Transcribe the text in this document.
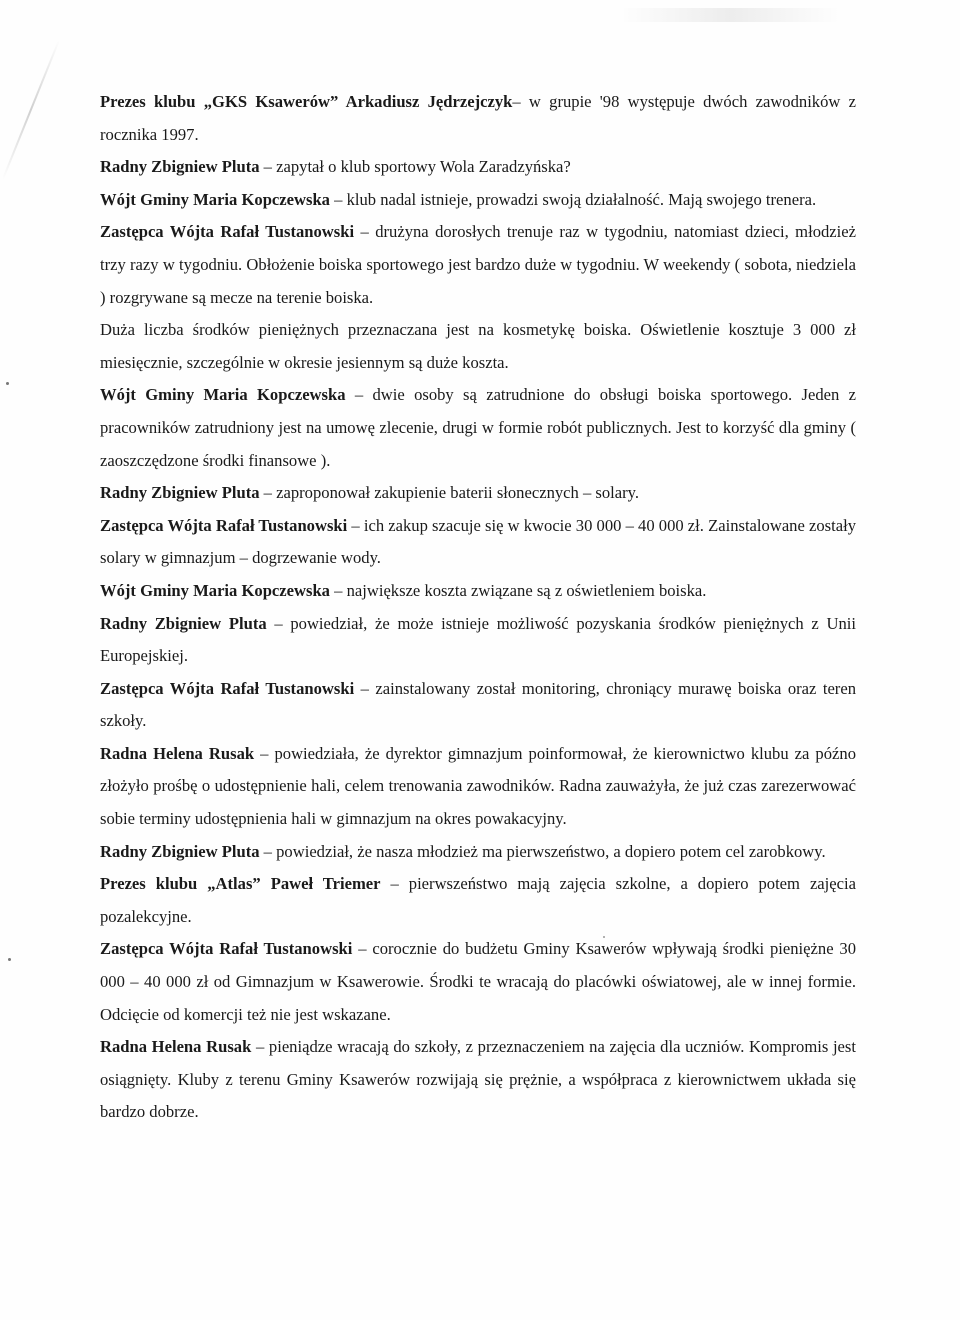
Prezes klubu „GKS Ksawerów” Arkadiusz Jędrzejczyk– w grupie '98 występuje dwóch zawodników z rocznika 1997.

Radny Zbigniew Pluta – zapytał o klub sportowy Wola Zaradzyńska?

Wójt Gminy Maria Kopczewska – klub nadal istnieje, prowadzi swoją działalność. Mają swojego trenera.

Zastępca Wójta Rafał Tustanowski – drużyna dorosłych trenuje raz w tygodniu, natomiast dzieci, młodzież trzy razy w tygodniu. Obłożenie boiska sportowego jest bardzo duże w tygodniu. W weekendy ( sobota, niedziela ) rozgrywane są mecze na terenie boiska.

Duża liczba środków pieniężnych przeznaczana jest na kosmetykę boiska. Oświetlenie kosztuje 3 000 zł miesięcznie, szczególnie w okresie jesiennym są duże koszta.

Wójt Gminy Maria Kopczewska – dwie osoby są zatrudnione do obsługi boiska sportowego. Jeden z pracowników zatrudniony jest na umowę zlecenie, drugi w formie robót publicznych. Jest to korzyść dla gminy ( zaoszczędzone środki finansowe ).

Radny Zbigniew Pluta – zaproponował zakupienie baterii słonecznych – solary.

Zastępca Wójta Rafał Tustanowski – ich zakup szacuje się w kwocie 30 000 – 40 000 zł. Zainstalowane zostały solary w gimnazjum – dogrzewanie wody.

Wójt Gminy Maria Kopczewska – największe koszta związane są z oświetleniem boiska.

Radny Zbigniew Pluta – powiedział, że może istnieje możliwość pozyskania środków pieniężnych z Unii Europejskiej.

Zastępca Wójta Rafał Tustanowski – zainstalowany został monitoring, chroniący murawę boiska oraz teren szkoły.

Radna Helena Rusak – powiedziała, że dyrektor gimnazjum poinformował, że kierownictwo klubu za późno złożyło prośbę o udostępnienie hali, celem trenowania zawodników. Radna zauważyła, że już czas zarezerwować sobie terminy udostępnienia hali w gimnazjum na okres powakacyjny.

Radny Zbigniew Pluta – powiedział, że nasza młodzież ma pierwszeństwo, a dopiero potem cel zarobkowy.

Prezes klubu „Atlas” Paweł Triemer – pierwszeństwo mają zajęcia szkolne, a dopiero potem zajęcia pozalekcyjne.

Zastępca Wójta Rafał Tustanowski – corocznie do budżetu Gminy Ksawerów wpływają środki pieniężne 30 000 – 40 000 zł od Gimnazjum w Ksawerowie. Środki te wracają do placówki oświatowej, ale w innej formie. Odcięcie od komercji też nie jest wskazane.

Radna Helena Rusak – pieniądze wracają do szkoły, z przeznaczeniem na zajęcia dla uczniów. Kompromis jest osiągnięty. Kluby z terenu Gminy Ksawerów rozwijają się prężnie, a współpraca z kierownictwem układa się bardzo dobrze.
